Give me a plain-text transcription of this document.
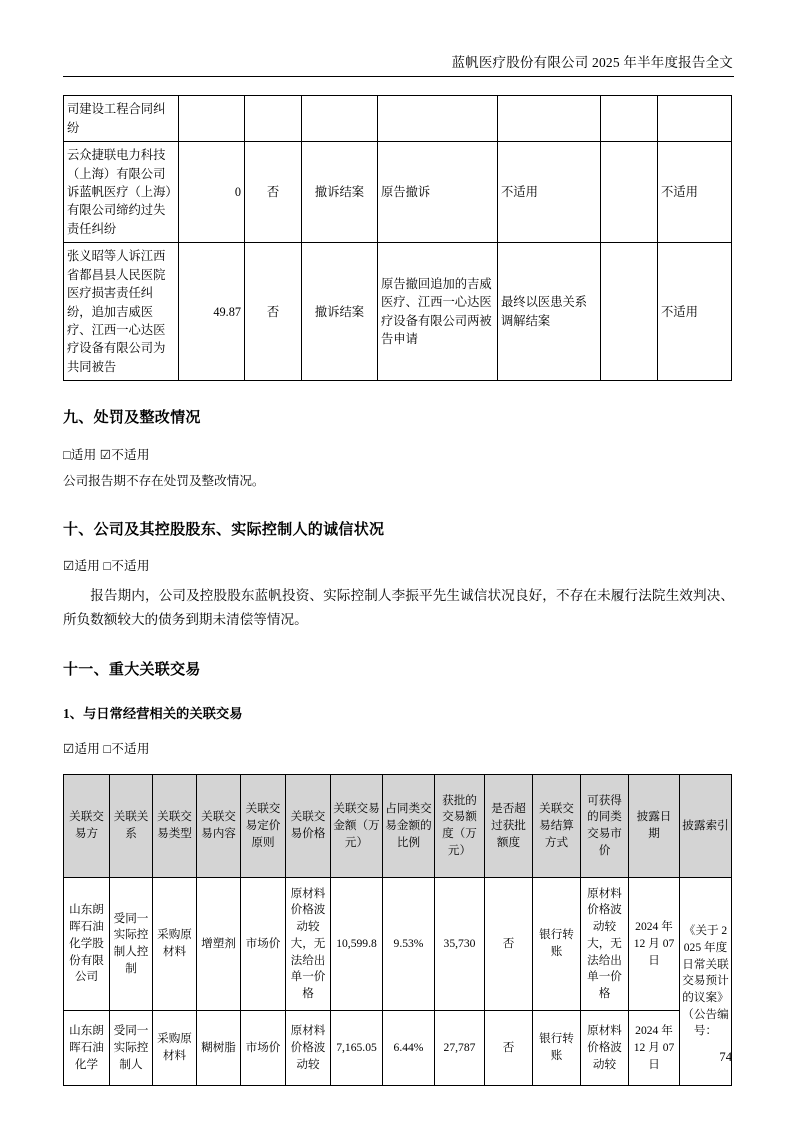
蓝帆医疗股份有限公司 2025 年半年度报告全文
司建设工程合同纠纷							
云众捷联电力科技（上海）有限公司诉蓝帆医疗（上海）有限公司缔约过失责任纠纷	0	否	撤诉结案	原告撤诉	不适用		不适用
张义昭等人诉江西省都昌县人民医院医疗损害责任纠纷，追加吉威医疗、江西一心达医疗设备有限公司为共同被告	49.87	否	撤诉结案	原告撤回追加的吉威医疗、江西一心达医疗设备有限公司两被告申请	最终以医患关系调解结案		不适用
九、处罚及整改情况
□适用 ☑不适用

公司报告期不存在处罚及整改情况。

十、公司及其控股股东、实际控制人的诚信状况
☑适用 □不适用

报告期内，公司及控股股东蓝帆投资、实际控制人李振平先生诚信状况良好，不存在未履行法院生效判决、所负数额较大的债务到期未清偿等情况。

十一、重大关联交易
1、与日常经营相关的关联交易
☑适用 □不适用
关联交易方	关联关系	关联交易类型	关联交易内容	关联交易定价原则	关联交易价格	关联交易金额（万元）	占同类交易金额的比例	获批的交易额度（万元）	是否超过获批额度	关联交易结算方式	可获得的同类交易市价	披露日期	披露索引
山东朗晖石油化学股份有限公司	受同一实际控制人控制	采购原材料	增塑剂	市场价	原材料价格波动较大，无法给出单一价格	10,599.8	9.53%	35,730	否	银行转账	原材料价格波动较大，无法给出单一价格	2024 年 12 月 07 日	《关于 2025 年度日常关联交易预计的议案》（公告编号：
山东朗晖石油化学	受同一实际控制人	采购原材料	糊树脂	市场价	原材料价格波动较	7,165.05	6.44%	27,787	否	银行转账	原材料价格波动较	2024 年 12 月 07 日	
74
